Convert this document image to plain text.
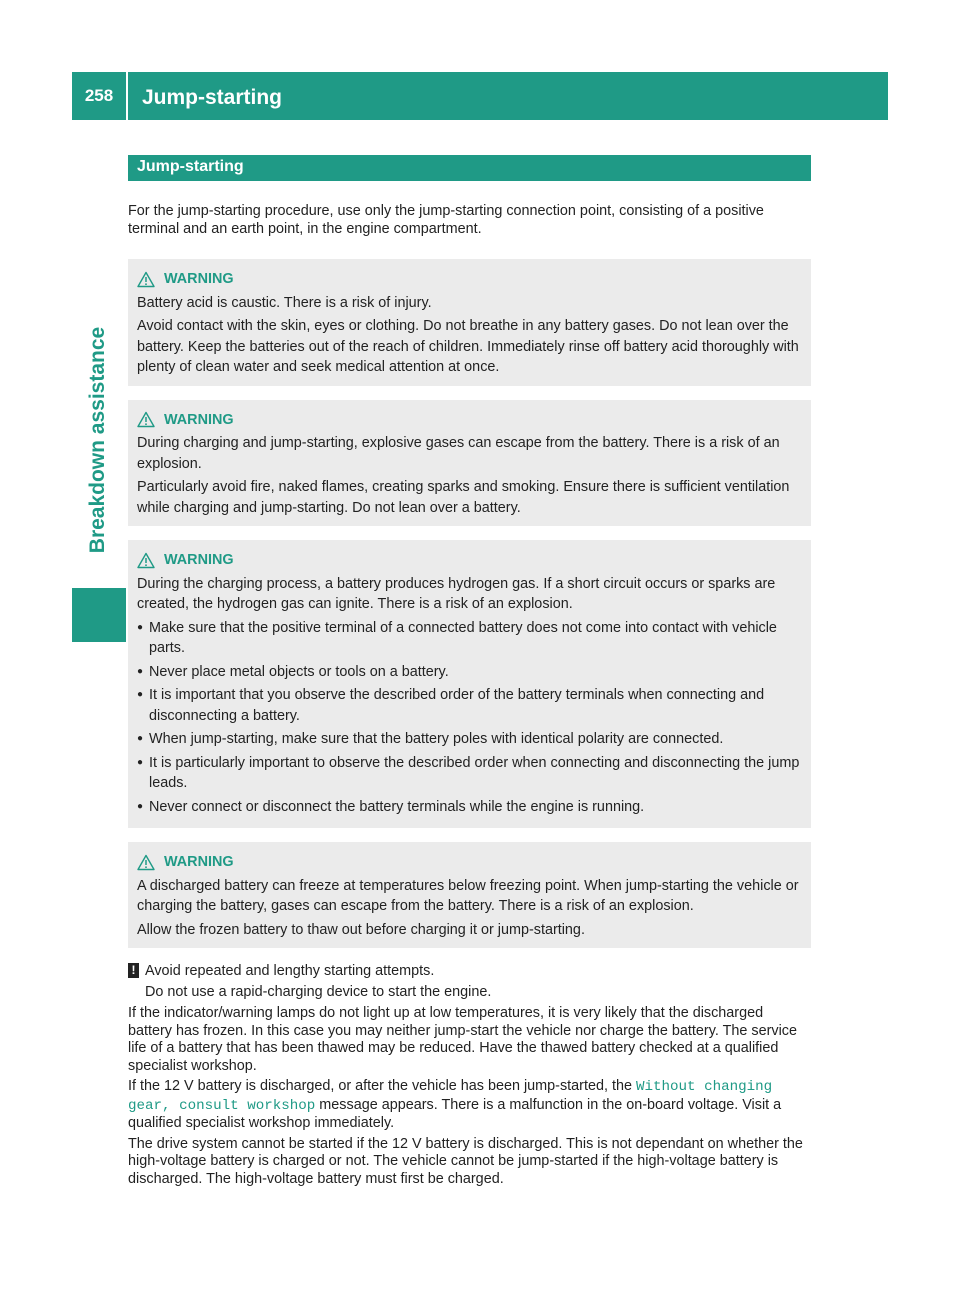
258	Jump-starting
Breakdown assistance
Jump-starting

For the jump-starting procedure, use only the jump-starting connection point, consisting of a positive terminal and an earth point, in the engine compartment.

WARNING

Battery acid is caustic. There is a risk of injury.

Avoid contact with the skin, eyes or clothing. Do not breathe in any battery gases. Do not lean over the battery. Keep the batteries out of the reach of children. Immediately rinse off battery acid thoroughly with plenty of clean water and seek medical attention at once.

WARNING

During charging and jump-starting, explosive gases can escape from the battery. There is a risk of an explosion.

Particularly avoid fire, naked flames, creating sparks and smoking. Ensure there is sufficient ventilation while charging and jump-starting. Do not lean over a battery.

WARNING

During the charging process, a battery produces hydrogen gas. If a short circuit occurs or sparks are created, the hydrogen gas can ignite. There is a risk of an explosion.

● Make sure that the positive terminal of a connected battery does not come into contact with vehicle parts.
● Never place metal objects or tools on a battery.
● It is important that you observe the described order of the battery terminals when connecting and disconnecting a battery.
● When jump-starting, make sure that the battery poles with identical polarity are connected.
● It is particularly important to observe the described order when connecting and disconnecting the jump leads.
● Never connect or disconnect the battery terminals while the engine is running.
WARNING

A discharged battery can freeze at temperatures below freezing point. When jump-starting the vehicle or charging the battery, gases can escape from the battery. There is a risk of an explosion.

Allow the frozen battery to thaw out before charging it or jump-starting.

! Avoid repeated and lengthy starting attempts.

Do not use a rapid-charging device to start the engine.

If the indicator/warning lamps do not light up at low temperatures, it is very likely that the discharged battery has frozen. In this case you may neither jump-start the vehicle nor charge the battery. The service life of a battery that has been thawed may be reduced. Have the thawed battery checked at a qualified specialist workshop.

If the 12 V battery is discharged, or after the vehicle has been jump-started, the Without changing gear, consult workshop message appears. There is a malfunction in the on-board voltage. Visit a qualified specialist workshop immediately.

The drive system cannot be started if the 12 V battery is discharged. This is not dependant on whether the high-voltage battery is charged or not. The vehicle cannot be jump-started if the high-voltage battery is discharged. The high-voltage battery must first be charged.
